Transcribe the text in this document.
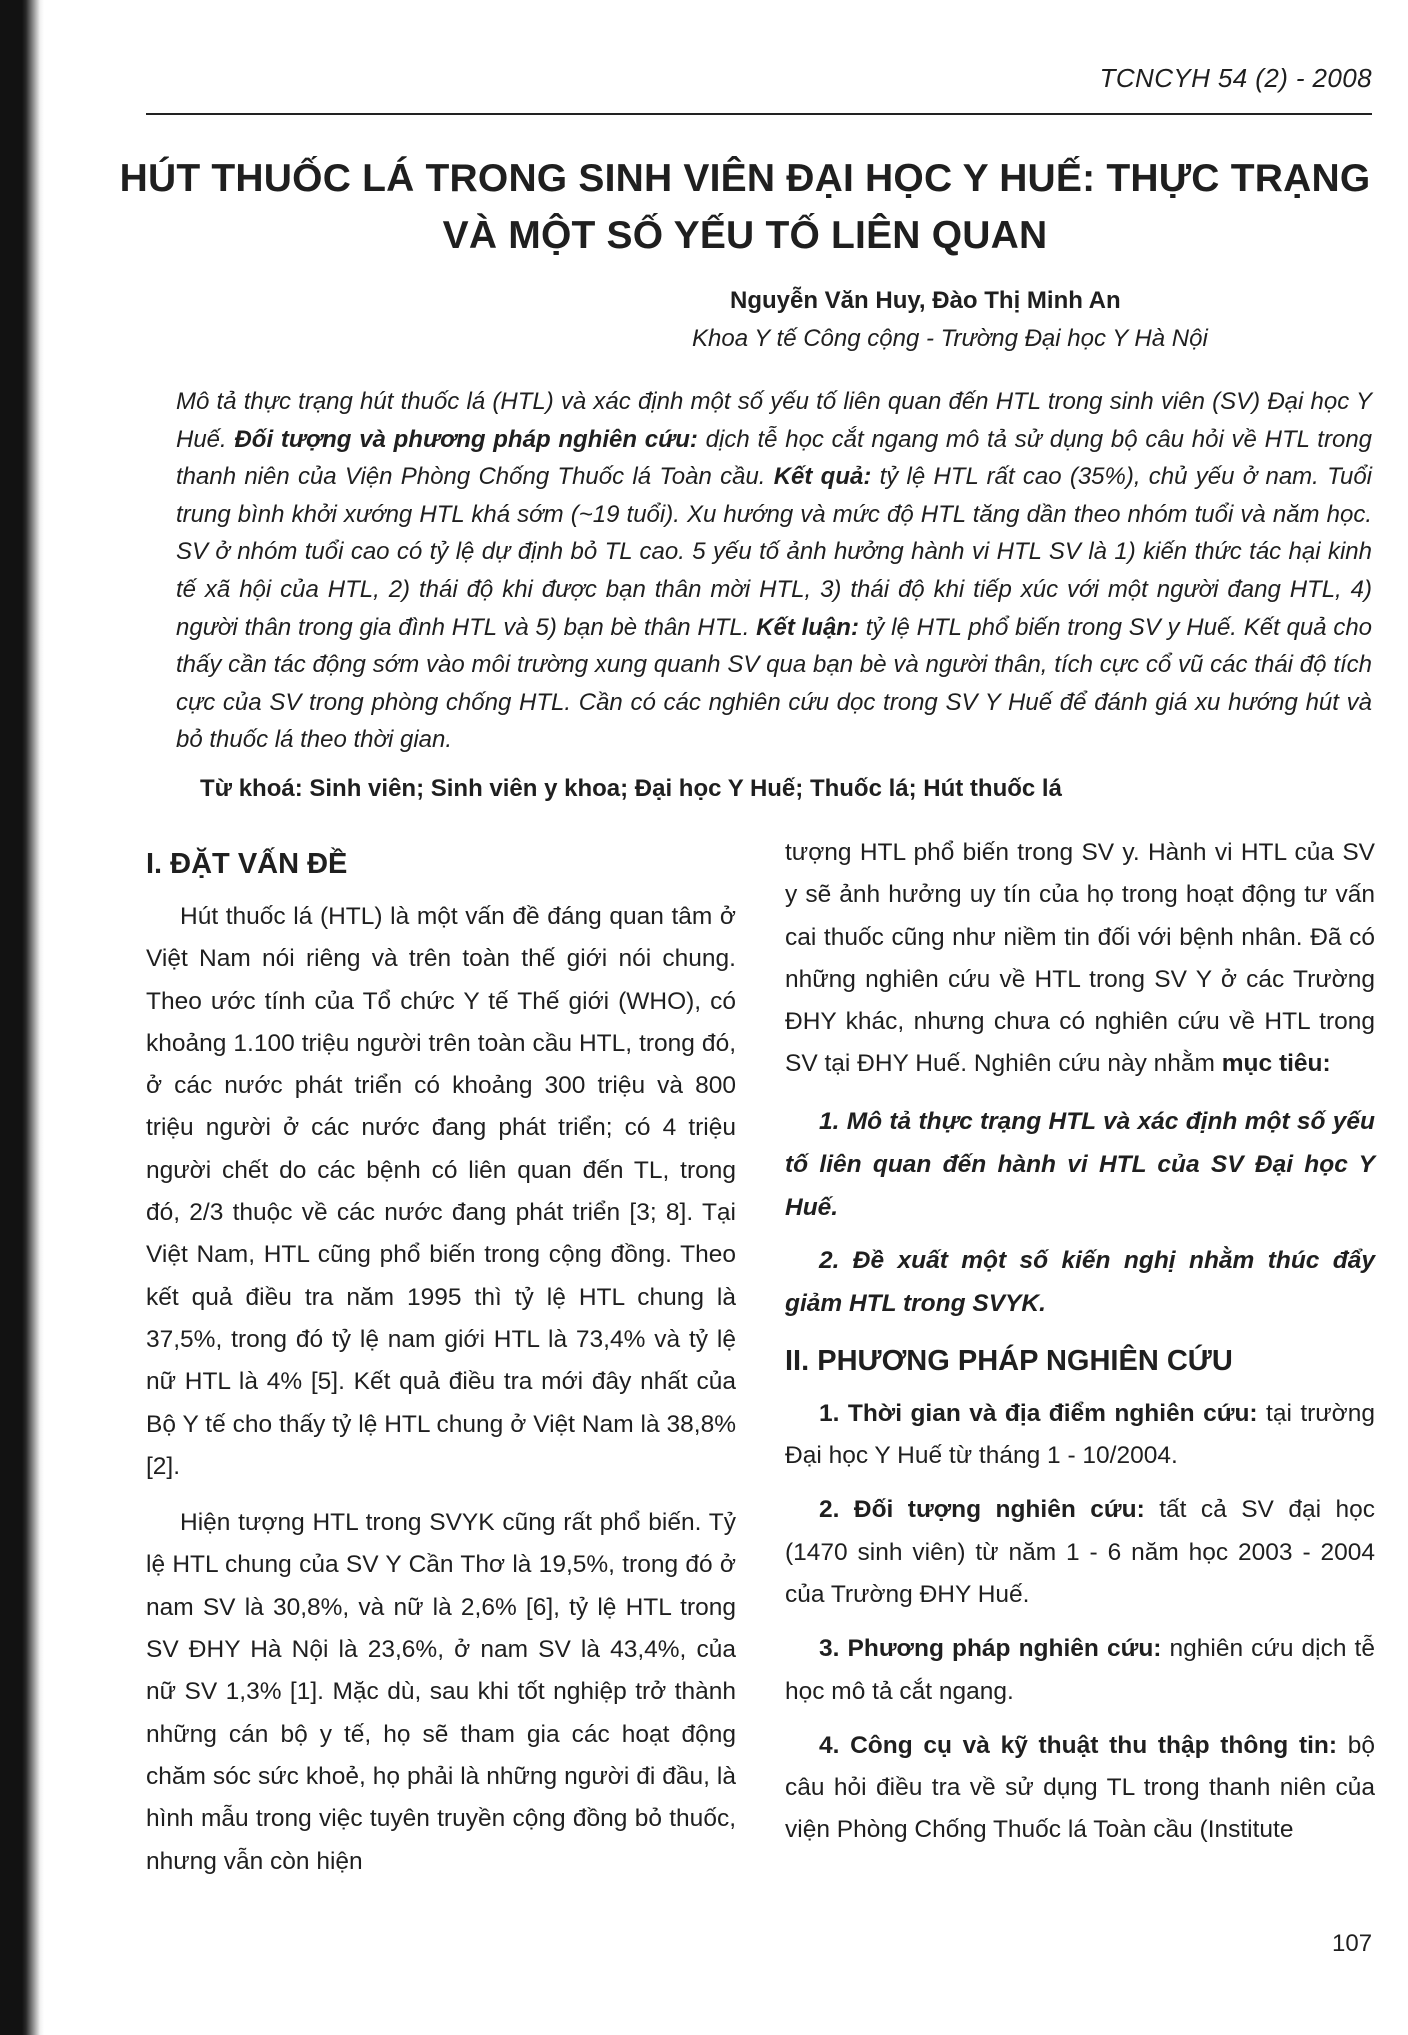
TCNCYH 54 (2) - 2008
HÚT THUỐC LÁ TRONG SINH VIÊN ĐẠI HỌC Y HUẾ: THỰC TRẠNG VÀ MỘT SỐ YẾU TỐ LIÊN QUAN
Nguyễn Văn Huy, Đào Thị Minh An
Khoa Y tế Công cộng - Trường Đại học Y Hà Nội

Mô tả thực trạng hút thuốc lá (HTL) và xác định một số yếu tố liên quan đến HTL trong sinh viên (SV) Đại học Y Huế. Đối tượng và phương pháp nghiên cứu: dịch tễ học cắt ngang mô tả sử dụng bộ câu hỏi về HTL trong thanh niên của Viện Phòng Chống Thuốc lá Toàn cầu. Kết quả: tỷ lệ HTL rất cao (35%), chủ yếu ở nam. Tuổi trung bình khởi xướng HTL khá sớm (~19 tuổi). Xu hướng và mức độ HTL tăng dần theo nhóm tuổi và năm học. SV ở nhóm tuổi cao có tỷ lệ dự định bỏ TL cao. 5 yếu tố ảnh hưởng hành vi HTL SV là 1) kiến thức tác hại kinh tế xã hội của HTL, 2) thái độ khi được bạn thân mời HTL, 3) thái độ khi tiếp xúc với một người đang HTL, 4) người thân trong gia đình HTL và 5) bạn bè thân HTL. Kết luận: tỷ lệ HTL phổ biến trong SV y Huế. Kết quả cho thấy cần tác động sớm vào môi trường xung quanh SV qua bạn bè và người thân, tích cực cổ vũ các thái độ tích cực của SV trong phòng chống HTL. Cần có các nghiên cứu dọc trong SV Y Huế để đánh giá xu hướng hút và bỏ thuốc lá theo thời gian.

Từ khoá: Sinh viên; Sinh viên y khoa; Đại học Y Huế; Thuốc lá; Hút thuốc lá

I. ĐẶT VẤN ĐỀ

Hút thuốc lá (HTL) là một vấn đề đáng quan tâm ở Việt Nam nói riêng và trên toàn thế giới nói chung. Theo ước tính của Tổ chức Y tế Thế giới (WHO), có khoảng 1.100 triệu người trên toàn cầu HTL, trong đó, ở các nước phát triển có khoảng 300 triệu và 800 triệu người ở các nước đang phát triển; có 4 triệu người chết do các bệnh có liên quan đến TL, trong đó, 2/3 thuộc về các nước đang phát triển [3; 8]. Tại Việt Nam, HTL cũng phổ biến trong cộng đồng. Theo kết quả điều tra năm 1995 thì tỷ lệ HTL chung là 37,5%, trong đó tỷ lệ nam giới HTL là 73,4% và tỷ lệ nữ HTL là 4% [5]. Kết quả điều tra mới đây nhất của Bộ Y tế cho thấy tỷ lệ HTL chung ở Việt Nam là 38,8% [2].

Hiện tượng HTL trong SVYK cũng rất phổ biến. Tỷ lệ HTL chung của SV Y Cần Thơ là 19,5%, trong đó ở nam SV là 30,8%, và nữ là 2,6% [6], tỷ lệ HTL trong SV ĐHY Hà Nội là 23,6%, ở nam SV là 43,4%, của nữ SV 1,3% [1]. Mặc dù, sau khi tốt nghiệp trở thành những cán bộ y tế, họ sẽ tham gia các hoạt động chăm sóc sức khoẻ, họ phải là những người đi đầu, là hình mẫu trong việc tuyên truyền cộng đồng bỏ thuốc, nhưng vẫn còn hiện

tượng HTL phổ biến trong SV y. Hành vi HTL của SV y sẽ ảnh hưởng uy tín của họ trong hoạt động tư vấn cai thuốc cũng như niềm tin đối với bệnh nhân. Đã có những nghiên cứu về HTL trong SV Y ở các Trường ĐHY khác, nhưng chưa có nghiên cứu về HTL trong SV tại ĐHY Huế. Nghiên cứu này nhằm mục tiêu:

1. Mô tả thực trạng HTL và xác định một số yếu tố liên quan đến hành vi HTL của SV Đại học Y Huế.

2. Đề xuất một số kiến nghị nhằm thúc đẩy giảm HTL trong SVYK.

II. PHƯƠNG PHÁP NGHIÊN CỨU

1. Thời gian và địa điểm nghiên cứu: tại trường Đại học Y Huế từ tháng 1 - 10/2004.

2. Đối tượng nghiên cứu: tất cả SV đại học (1470 sinh viên) từ năm 1 - 6 năm học 2003 - 2004 của Trường ĐHY Huế.

3. Phương pháp nghiên cứu: nghiên cứu dịch tễ học mô tả cắt ngang.

4. Công cụ và kỹ thuật thu thập thông tin: bộ câu hỏi điều tra về sử dụng TL trong thanh niên của viện Phòng Chống Thuốc lá Toàn cầu (Institute

107
